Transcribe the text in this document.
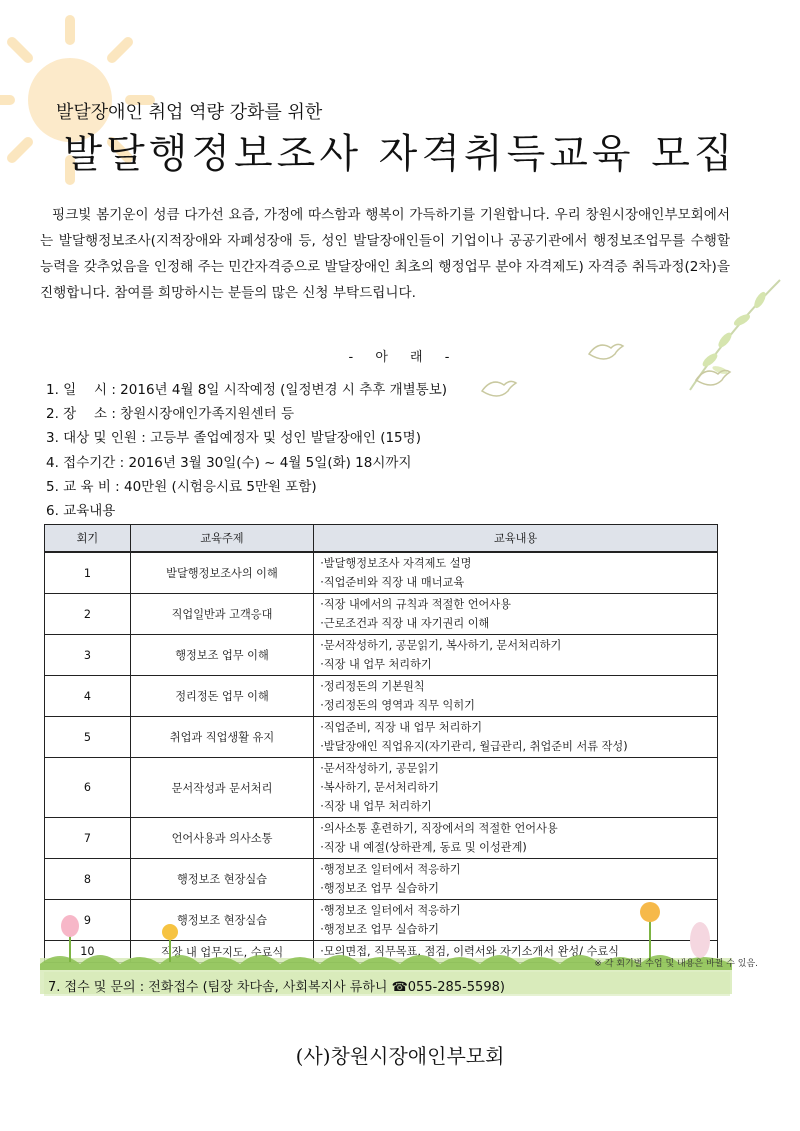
발달장애인 취업 역량 강화를 위한
발달행정보조사 자격취득교육 모집

핑크빛 봄기운이 성큼 다가선 요즘, 가정에 따스함과 행복이 가득하기를 기원합니다. 우리 창원시장애인부모회에서는 발달행정보조사(지적장애와 자폐성장애 등, 성인 발달장애인들이 기업이나 공공기관에서 행정보조업무를 수행할 능력을 갖추었음을 인정해 주는 민간자격증으로 발달장애인 최초의 행정업무 분야 자격제도) 자격증 취득과정(2차)을 진행합니다. 참여를 희망하시는 분들의 많은 신청 부탁드립니다.

- 아 래 -
1. 일　 시 : 2016년 4월 8일 시작예정 (일정변경 시 추후 개별통보)
2. 장　 소 : 창원시장애인가족지원센터 등
3. 대상 및 인원 : 고등부 졸업예정자 및 성인 발달장애인 (15명)
4. 접수기간 : 2016년 3월 30일(수) ~ 4월 5일(화) 18시까지
5. 교 육 비 : 40만원 (시험응시료 5만원 포함)
6. 교육내용
회기	교육주제	교육내용
1	발달행정보조사의 이해	·발달행정보조사 자격제도 설명
·직업준비와 직장 내 매너교육

2	직업일반과 고객응대	·직장 내에서의 규칙과 적절한 언어사용
·근로조건과 직장 내 자기권리 이해

3	행정보조 업무 이해	·문서작성하기, 공문읽기, 복사하기, 문서처리하기
·직장 내 업무 처리하기

4	정리정돈 업무 이해	·정리정돈의 기본원칙
·정리정돈의 영역과 직무 익히기

5	취업과 직업생활 유지	·직업준비, 직장 내 업무 처리하기
·발달장애인 직업유지(자기관리, 월급관리, 취업준비 서류 작성)

6	문서작성과 문서처리	·문서작성하기, 공문읽기
·복사하기, 문서처리하기
·직장 내 업무 처리하기

7	언어사용과 의사소통	·의사소통 훈련하기, 직장에서의 적절한 언어사용
·직장 내 예절(상하관계, 동료 및 이성관계)

8	행정보조 현장실습	·행정보조 일터에서 적응하기
·행정보조 업무 실습하기

9	행정보조 현장실습	·행정보조 일터에서 적응하기
·행정보조 업무 실습하기

10	직장 내 업무지도, 수료식	·모의면접, 직무목표, 점검, 이력서와 자기소개서 완성/ 수료식
※ 각 회기별 수업 및 내용은 바뀔 수 있음.
7. 접수 및 문의 : 전화접수 (팀장 차다솜, 사회복지사 류하니 ☎055-285-5598)
(사)창원시장애인부모회
